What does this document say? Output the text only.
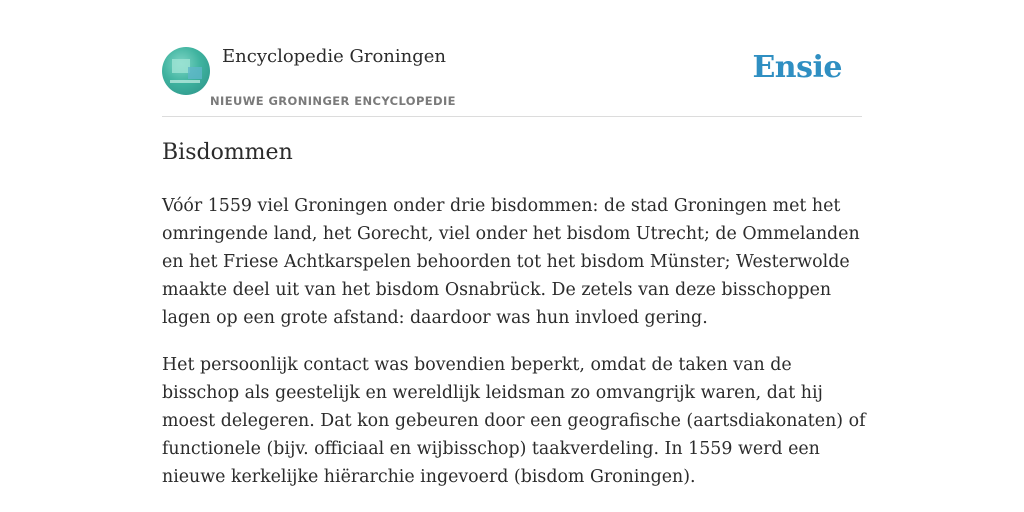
Encyclopedie Groningen
NIEUWE GRONINGER ENCYCLOPEDIE
Ensie
Bisdommen

Vóór 1559 viel Groningen onder drie bisdommen: de stad Groningen met het omringende land, het Gorecht, viel onder het bisdom Utrecht; de Ommelanden en het Friese Achtkarspelen behoorden tot het bisdom Münster; Westerwolde maakte deel uit van het bisdom Osnabrück. De zetels van deze bisschoppen lagen op een grote afstand: daardoor was hun invloed gering.

Het persoonlijk contact was bovendien beperkt, omdat de taken van de bisschop als geestelijk en wereldlijk leidsman zo omvangrijk waren, dat hij moest delegeren. Dat kon gebeuren door een geografische (aartsdiakonaten) of functionele (bijv. officiaal en wijbisschop) taakverdeling. In 1559 werd een nieuwe kerkelijke hiërarchie ingevoerd (bisdom Groningen).
